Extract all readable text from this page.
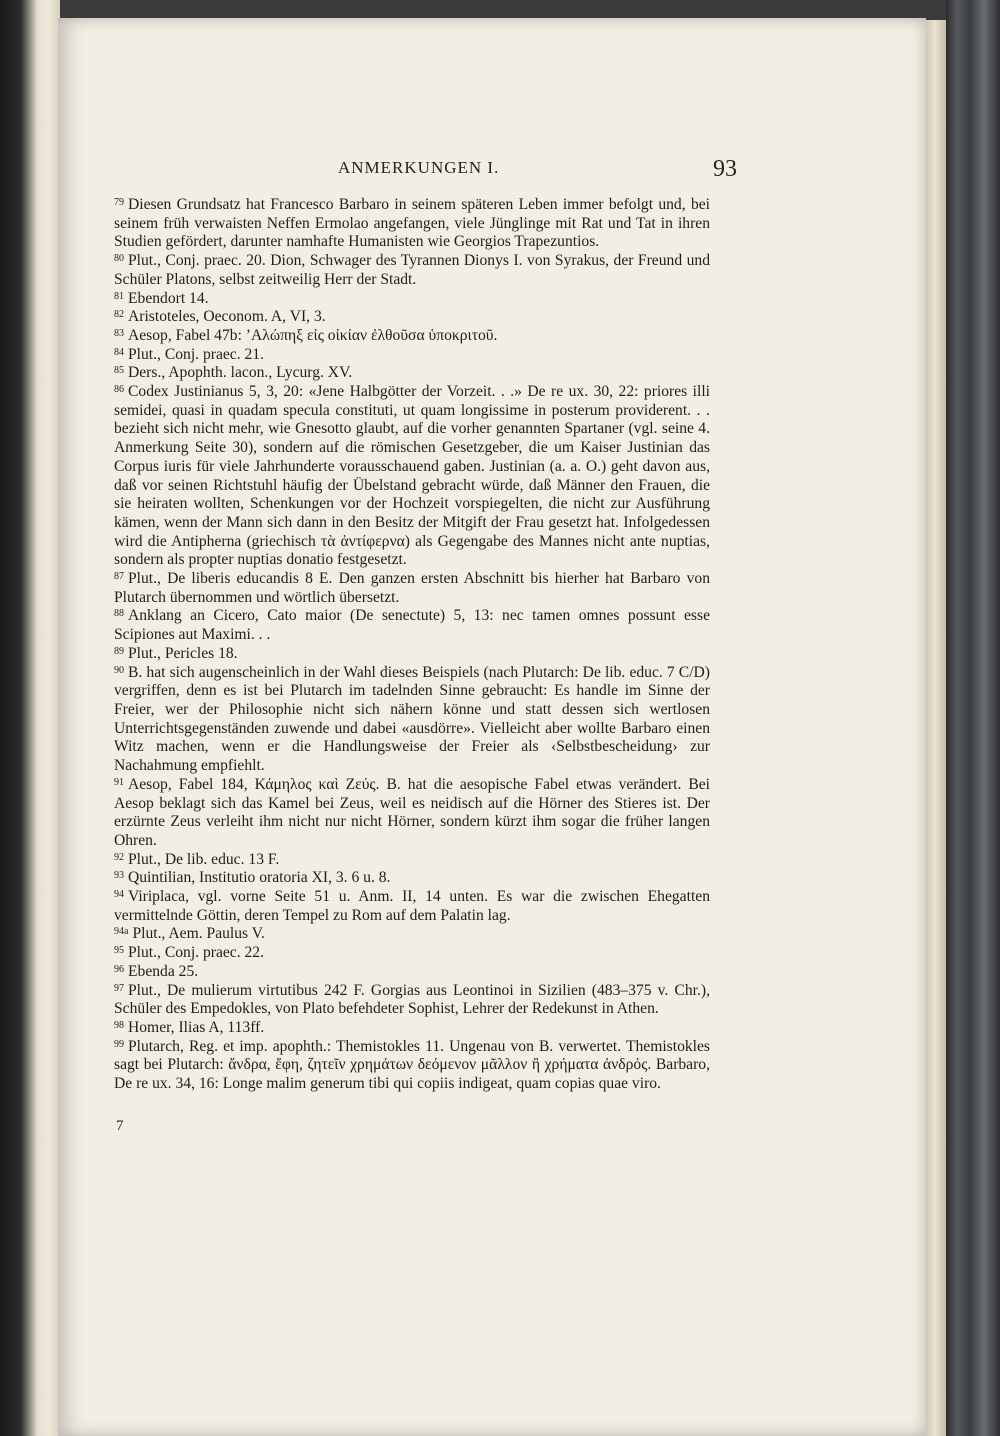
ANMERKUNGEN I.	93

$^{79}$ Diesen Grundsatz hat Francesco Barbaro in seinem späteren Leben immer befolgt und, bei seinem früh verwaisten Neffen Ermolao angefangen, viele Jünglinge mit Rat und Tat in ihren Studien gefördert, darunter namhafte Humanisten wie Georgios Trapezuntios.

$^{80}$ Plut., Conj. praec. 20. Dion, Schwager des Tyrannen Dionys I. von Syrakus, der Freund und Schüler Platons, selbst zeitweilig Herr der Stadt.

$^{81}$ Ebendort 14.

$^{82}$ Aristoteles, Oeconom. A, VI, 3.

$^{83}$ Aesop, Fabel 47b: ’Αλώπηξ εἰς οἰκίαν ἐλθοῦσα ὑποκριτοῦ.

$^{84}$ Plut., Conj. praec. 21.

$^{85}$ Ders., Apophth. lacon., Lycurg. XV.

$^{86}$ Codex Justinianus 5, 3, 20: «Jene Halbgötter der Vorzeit. . .» De re ux. 30, 22: priores illi semidei, quasi in quadam specula constituti, ut quam longissime in posterum providerent. . . bezieht sich nicht mehr, wie Gnesotto glaubt, auf die vorher genannten Spartaner (vgl. seine 4. Anmerkung Seite 30), sondern auf die römischen Gesetzgeber, die um Kaiser Justinian das Corpus iuris für viele Jahrhunderte vorausschauend gaben. Justinian (a. a. O.) geht davon aus, daß vor seinen Richtstuhl häufig der Übelstand gebracht würde, daß Männer den Frauen, die sie heiraten wollten, Schenkungen vor der Hochzeit vorspiegelten, die nicht zur Ausführung kämen, wenn der Mann sich dann in den Besitz der Mitgift der Frau gesetzt hat. Infolgedessen wird die Antipherna (griechisch τὰ ἀντίφερνα) als Gegengabe des Mannes nicht ante nuptias, sondern als propter nuptias donatio festgesetzt.

$^{87}$ Plut., De liberis educandis 8 E. Den ganzen ersten Abschnitt bis hierher hat Barbaro von Plutarch übernommen und wörtlich übersetzt.

$^{88}$ Anklang an Cicero, Cato maior (De senectute) 5, 13: nec tamen omnes possunt esse Scipiones aut Maximi. . .

$^{89}$ Plut., Pericles 18.

$^{90}$ B. hat sich augenscheinlich in der Wahl dieses Beispiels (nach Plutarch: De lib. educ. 7 C/D) vergriffen, denn es ist bei Plutarch im tadelnden Sinne gebraucht: Es handle im Sinne der Freier, wer der Philosophie nicht sich nähern könne und statt dessen sich wertlosen Unterrichtsgegenständen zuwende und dabei «ausdörre». Vielleicht aber wollte Barbaro einen Witz machen, wenn er die Handlungsweise der Freier als ‹Selbstbescheidung› zur Nachahmung empfiehlt.

$^{91}$ Aesop, Fabel 184, Κάμηλος καὶ Ζεύς. B. hat die aesopische Fabel etwas verändert. Bei Aesop beklagt sich das Kamel bei Zeus, weil es neidisch auf die Hörner des Stieres ist. Der erzürnte Zeus verleiht ihm nicht nur nicht Hörner, sondern kürzt ihm sogar die früher langen Ohren.

$^{92}$ Plut., De lib. educ. 13 F.

$^{93}$ Quintilian, Institutio oratoria XI, 3. 6 u. 8.

$^{94}$ Viriplaca, vgl. vorne Seite 51 u. Anm. II, 14 unten. Es war die zwischen Ehegatten vermittelnde Göttin, deren Tempel zu Rom auf dem Palatin lag.

$^{94a}$ Plut., Aem. Paulus V.

$^{95}$ Plut., Conj. praec. 22.

$^{96}$ Ebenda 25.

$^{97}$ Plut., De mulierum virtutibus 242 F. Gorgias aus Leontinoi in Sizilien (483–375 v. Chr.), Schüler des Empedokles, von Plato befehdeter Sophist, Lehrer der Redekunst in Athen.

$^{98}$ Homer, Ilias A, 113ff.

$^{99}$ Plutarch, Reg. et imp. apophth.: Themistokles 11. Ungenau von B. verwertet. Themistokles sagt bei Plutarch: ἄνδρα, ἔφη, ζητεῖν χρημάτων δεόμενον μᾶλλον ἢ χρήματα ἀνδρός. Barbaro, De re ux. 34, 16: Longe malim generum tibi qui copiis indigeat, quam copias quae viro.

7
